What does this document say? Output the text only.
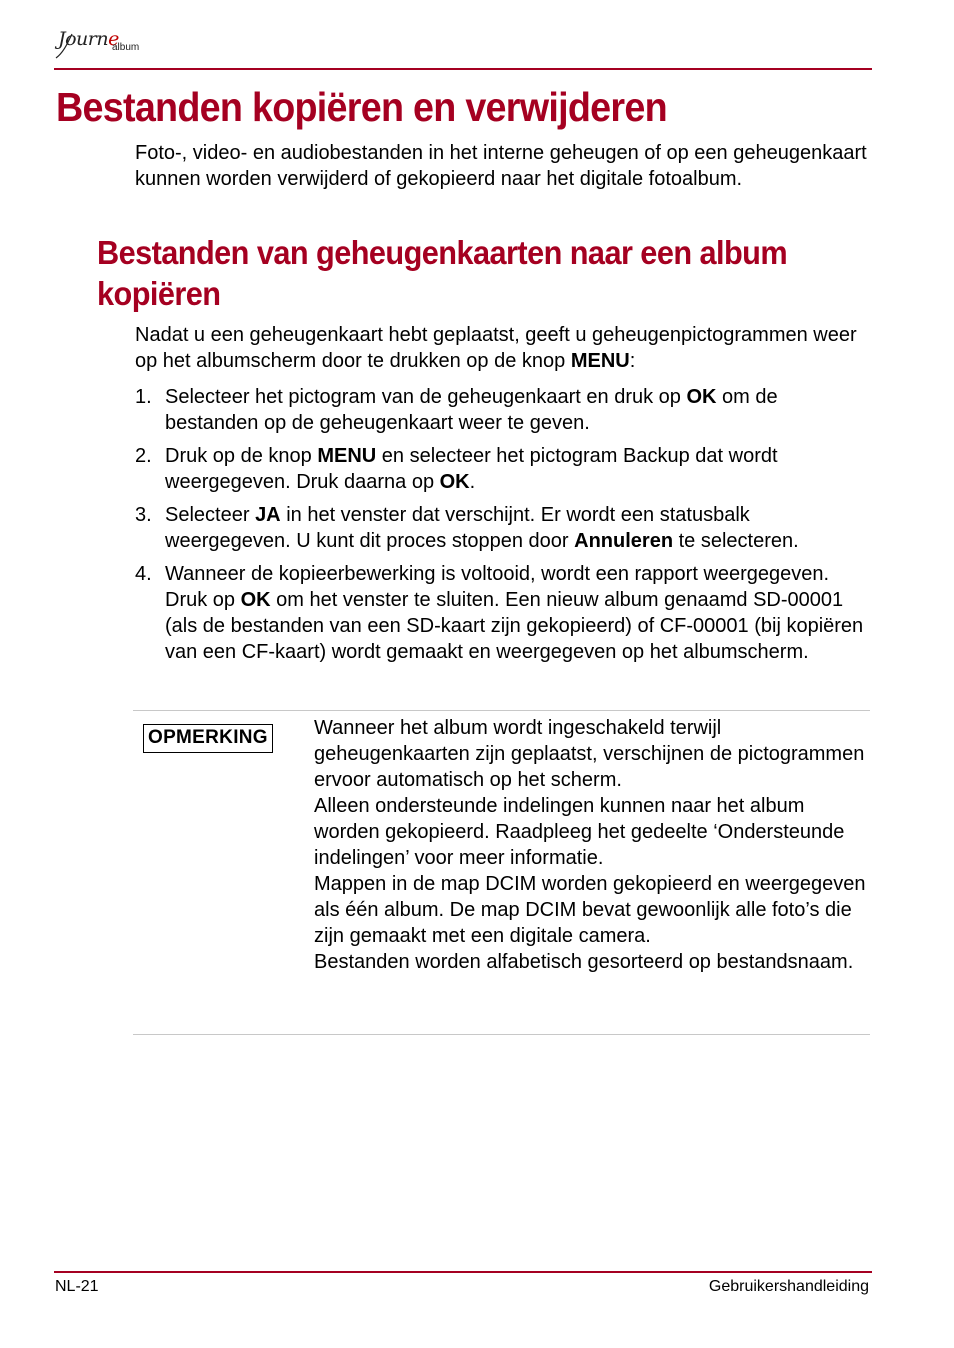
Journe
album
Bestanden kopiëren en verwijderen

Foto-, video- en audiobestanden in het interne geheugen of op een geheugenkaart kunnen worden verwijderd of gekopieerd naar het digitale fotoalbum.

Bestanden van geheugenkaarten naar een album kopiëren

Nadat u een geheugenkaart hebt geplaatst, geeft u geheugenpictogrammen weer op het albumscherm door te drukken op de knop MENU:

1. Selecteer het pictogram van de geheugenkaart en druk op OK om de bestanden op de geheugenkaart weer te geven.
2. Druk op de knop MENU en selecteer het pictogram Backup dat wordt weergegeven. Druk daarna op OK.
3. Selecteer JA in het venster dat verschijnt. Er wordt een statusbalk weergegeven. U kunt dit proces stoppen door Annuleren te selecteren.
4. Wanneer de kopieerbewerking is voltooid, wordt een rapport weergegeven. Druk op OK om het venster te sluiten. Een nieuw album genaamd SD-00001 (als de bestanden van een SD-kaart zijn gekopieerd) of CF-00001 (bij kopiëren van een CF-kaart) wordt gemaakt en weergegeven op het albumscherm.
OPMERKING Wanneer het album wordt ingeschakeld terwijl geheugenkaarten zijn geplaatst, verschijnen de pictogrammen ervoor automatisch op het scherm.

Alleen ondersteunde indelingen kunnen naar het album worden gekopieerd. Raadpleeg het gedeelte ‘Ondersteunde indelingen’ voor meer informatie.

Mappen in de map DCIM worden gekopieerd en weergegeven als één album. De map DCIM bevat gewoonlijk alle foto’s die zijn gemaakt met een digitale camera.

Bestanden worden alfabetisch gesorteerd op bestandsnaam.

NL-21	Gebruikershandleiding
